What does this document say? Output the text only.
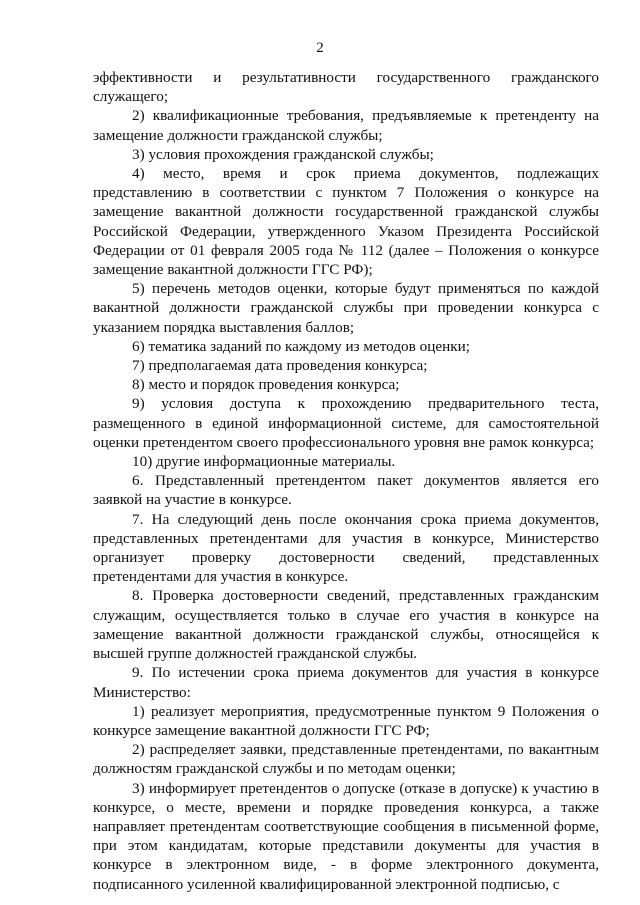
2

эффективности и результативности государственного гражданского служащего;

2) квалификационные требования, предъявляемые к претенденту на замещение должности гражданской службы;

3) условия прохождения гражданской службы;

4) место, время и срок приема документов, подлежащих представлению в соответствии с пунктом 7 Положения о конкурсе на замещение вакантной должности государственной гражданской службы Российской Федерации, утвержденного Указом Президента Российской Федерации от 01 февраля 2005 года № 112 (далее – Положения о конкурсе замещение вакантной должности ГГС РФ);

5) перечень методов оценки, которые будут применяться по каждой вакантной должности гражданской службы при проведении конкурса с указанием порядка выставления баллов;

6) тематика заданий по каждому из методов оценки;

7) предполагаемая дата проведения конкурса;

8) место и порядок проведения конкурса;

9) условия доступа к прохождению предварительного теста, размещенного в единой информационной системе, для самостоятельной оценки претендентом своего профессионального уровня вне рамок конкурса;

10) другие информационные материалы.

6. Представленный претендентом пакет документов является его заявкой на участие в конкурсе.

7. На следующий день после окончания срока приема документов, представленных претендентами для участия в конкурсе, Министерство организует проверку достоверности сведений, представленных претендентами для участия в конкурсе.

8. Проверка достоверности сведений, представленных гражданским служащим, осуществляется только в случае его участия в конкурсе на замещение вакантной должности гражданской службы, относящейся к высшей группе должностей гражданской службы.

9. По истечении срока приема документов для участия в конкурсе Министерство:

1) реализует мероприятия, предусмотренные пунктом 9 Положения о конкурсе замещение вакантной должности ГГС РФ;

2) распределяет заявки, представленные претендентами, по вакантным должностям гражданской службы и по методам оценки;

3) информирует претендентов о допуске (отказе в допуске) к участию в конкурсе, о месте, времени и порядке проведения конкурса, а также направляет претендентам соответствующие сообщения в письменной форме, при этом кандидатам, которые представили документы для участия в конкурсе в электронном виде, - в форме электронного документа, подписанного усиленной квалифицированной электронной подписью, с
